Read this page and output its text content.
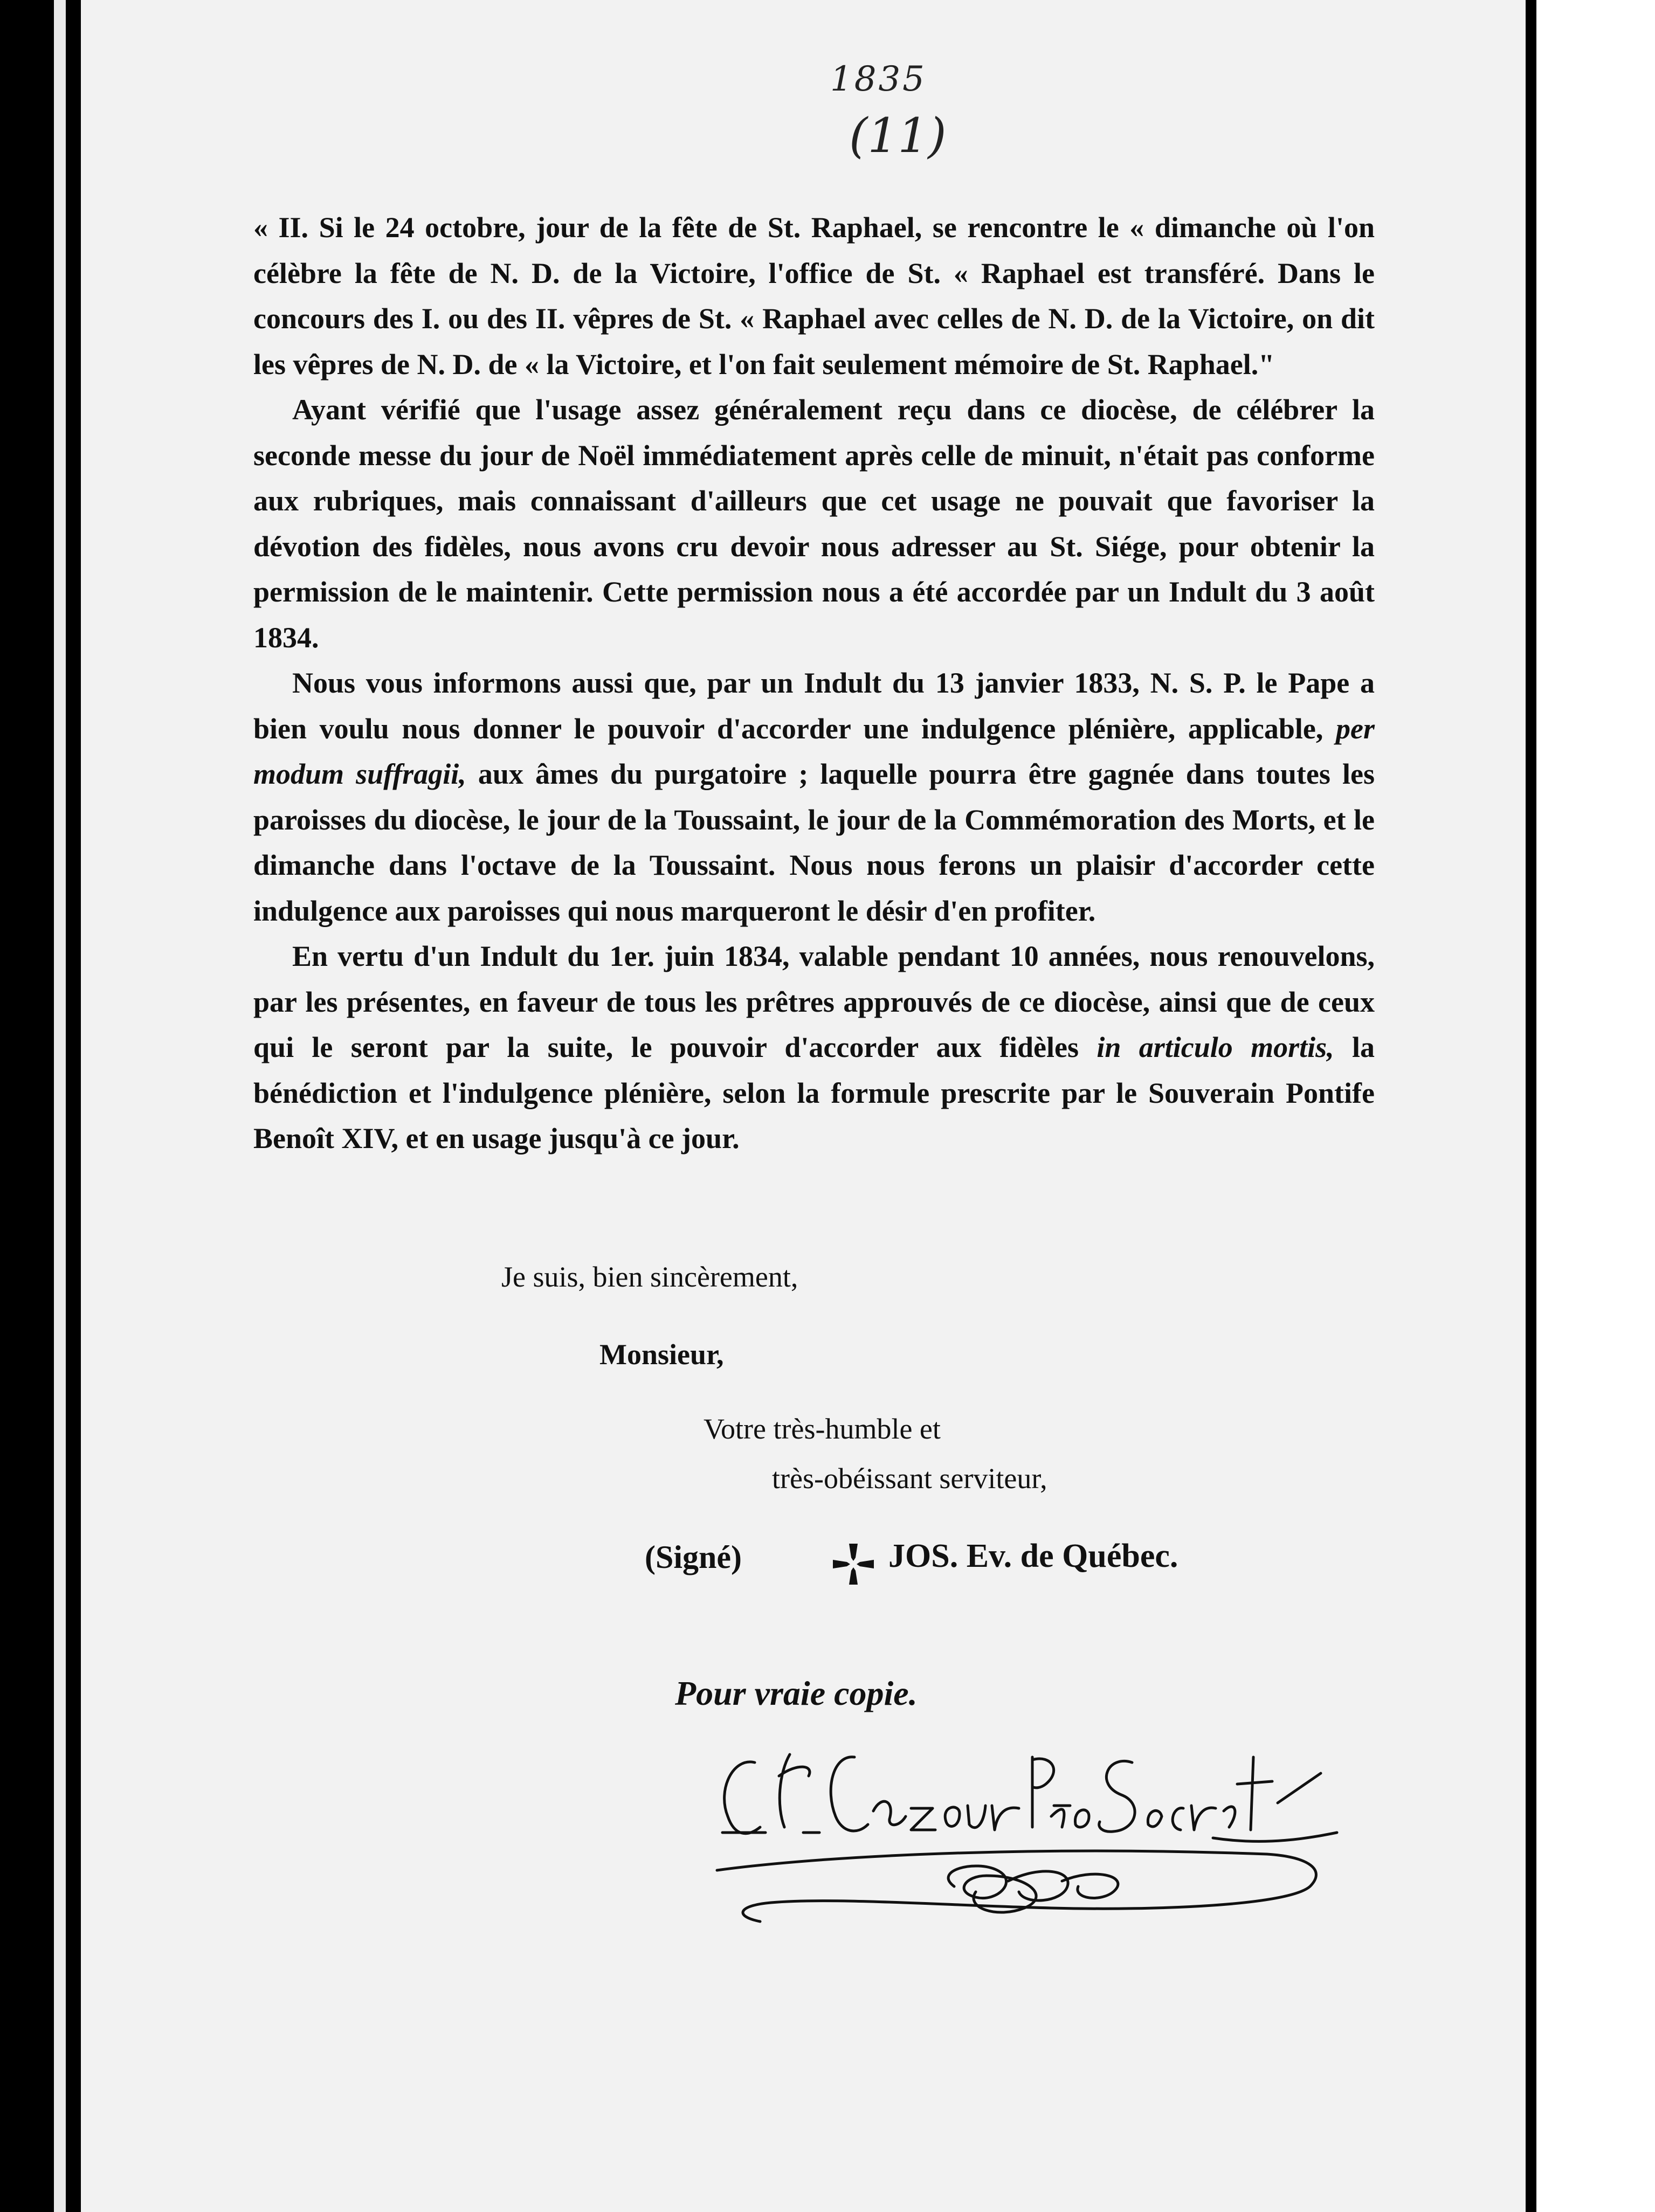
1835
(11)

« II. Si le 24 octobre, jour de la fête de St. Raphael, se rencontre le « dimanche où l'on célèbre la fête de N. D. de la Victoire, l'office de St. « Raphael est transféré. Dans le concours des I. ou des II. vêpres de St. « Raphael avec celles de N. D. de la Victoire, on dit les vêpres de N. D. de « la Victoire, et l'on fait seulement mémoire de St. Raphael."

Ayant vérifié que l'usage assez généralement reçu dans ce diocèse, de célébrer la seconde messe du jour de Noël immédiatement après celle de minuit, n'était pas conforme aux rubriques, mais connaissant d'ailleurs que cet usage ne pouvait que favoriser la dévotion des fidèles, nous avons cru devoir nous adresser au St. Siége, pour obtenir la permission de le maintenir. Cette permission nous a été accordée par un Indult du 3 août 1834.

Nous vous informons aussi que, par un Indult du 13 janvier 1833, N. S. P. le Pape a bien voulu nous donner le pouvoir d'accorder une indulgence plénière, applicable, per modum suffragii, aux âmes du purgatoire ; laquelle pourra être gagnée dans toutes les paroisses du diocèse, le jour de la Toussaint, le jour de la Commémoration des Morts, et le dimanche dans l'octave de la Toussaint. Nous nous ferons un plaisir d'accorder cette indulgence aux paroisses qui nous marqueront le désir d'en profiter.

En vertu d'un Indult du 1er. juin 1834, valable pendant 10 années, nous renouvelons, par les présentes, en faveur de tous les prêtres approuvés de ce diocèse, ainsi que de ceux qui le seront par la suite, le pouvoir d'accorder aux fidèles in articulo mortis, la bénédiction et l'indulgence plénière, selon la formule prescrite par le Souverain Pontife Benoît XIV, et en usage jusqu'à ce jour.

Je suis, bien sincèrement,
Monsieur,
Votre très-humble et
très-obéissant serviteur,
(Signé)	JOS. Ev. de Québec.
Pour vraie copie.
C. F. Cazeau Ptre Secrét.
